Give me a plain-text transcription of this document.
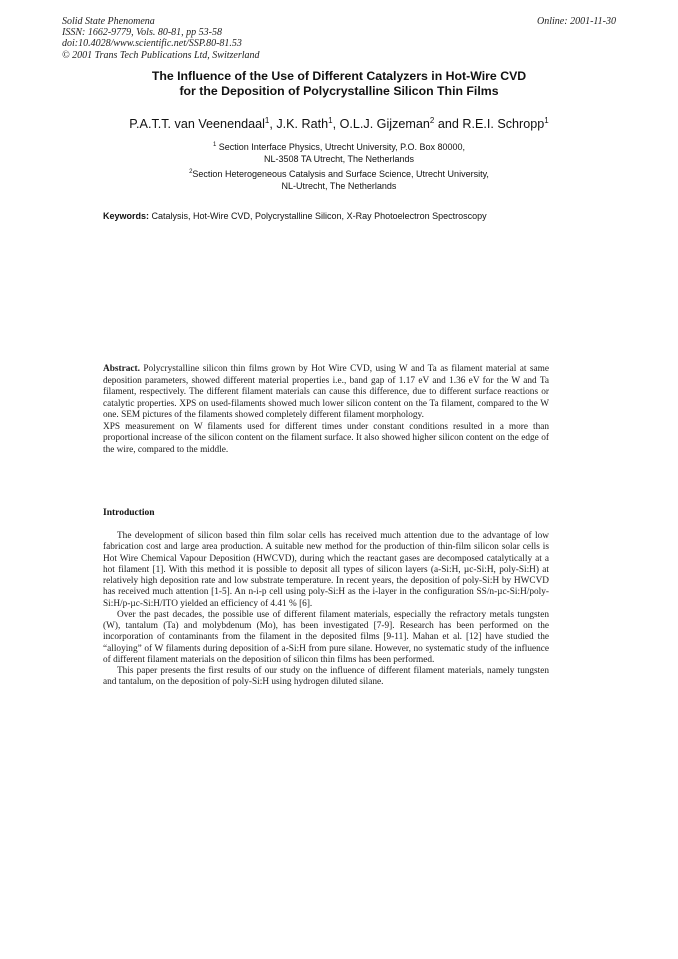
Solid State Phenomena
ISSN: 1662-9779, Vols. 80-81, pp 53-58
doi:10.4028/www.scientific.net/SSP.80-81.53
© 2001 Trans Tech Publications Ltd, Switzerland
Online: 2001-11-30
The Influence of the Use of Different Catalyzers in Hot-Wire CVD
for the Deposition of Polycrystalline Silicon Thin Films
P.A.T.T. van Veenendaal$^1$, J.K. Rath$^1$, O.L.J. Gijzeman$^2$ and R.E.I. Schropp$^1$
$^1$ Section Interface Physics, Utrecht University, P.O. Box 80000,
NL-3508 TA Utrecht, The Netherlands
$^2$Section Heterogeneous Catalysis and Surface Science, Utrecht University,
NL-Utrecht, The Netherlands
Keywords: Catalysis, Hot-Wire CVD, Polycrystalline Silicon, X-Ray Photoelectron Spectroscopy

Abstract. Polycrystalline silicon thin films grown by Hot Wire CVD, using W and Ta as filament material at same deposition parameters, showed different material properties i.e., band gap of 1.17 eV and 1.36 eV for the W and Ta filament, respectively. The different filament materials can cause this difference, due to different surface reactions or catalytic properties. XPS on used-filaments showed much lower silicon content on the Ta filament, compared to the W one. SEM pictures of the filaments showed completely different filament morphology.

XPS measurement on W filaments used for different times under constant conditions resulted in a more than proportional increase of the silicon content on the filament surface. It also showed higher silicon content on the edge of the wire, compared to the middle.

Introduction

The development of silicon based thin film solar cells has received much attention due to the advantage of low fabrication cost and large area production. A suitable new method for the production of thin-film silicon solar cells is Hot Wire Chemical Vapour Deposition (HWCVD), during which the reactant gases are decomposed catalytically at a hot filament [1]. With this method it is possible to deposit all types of silicon layers (a-Si:H, µc-Si:H, poly-Si:H) at relatively high deposition rate and low substrate temperature. In recent years, the deposition of poly-Si:H by HWCVD has received much attention [1-5]. An n-i-p cell using poly-Si:H as the i-layer in the configuration SS/n-µc-Si:H/poly-Si:H/p-µc-Si:H/ITO yielded an efficiency of 4.41 % [6].

Over the past decades, the possible use of different filament materials, especially the refractory metals tungsten (W), tantalum (Ta) and molybdenum (Mo), has been investigated [7-9]. Research has been performed on the incorporation of contaminants from the filament in the deposited films [9-11]. Mahan et al. [12] have studied the “alloying” of W filaments during deposition of a-Si:H from pure silane. However, no systematic study of the influence of different filament materials on the deposition of silicon thin films has been performed.

This paper presents the first results of our study on the influence of different filament materials, namely tungsten and tantalum, on the deposition of poly-Si:H using hydrogen diluted silane.
